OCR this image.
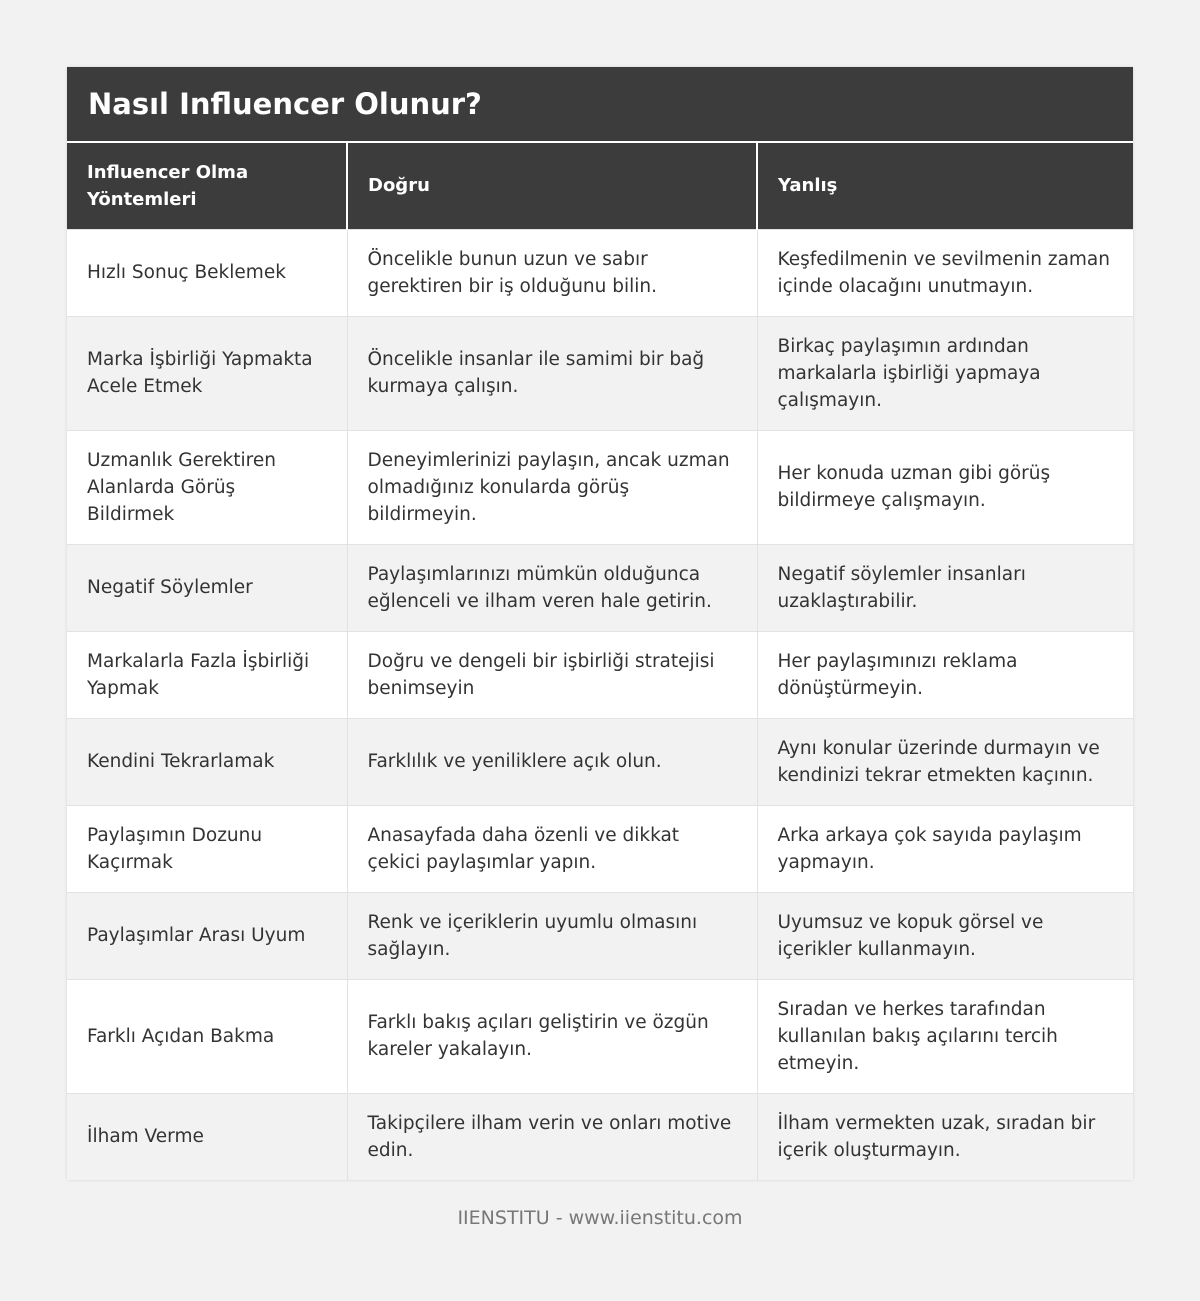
Nasıl Influencer Olunur?
Influencer Olma Yöntemleri	Doğru	Yanlış
Hızlı Sonuç Beklemek	Öncelikle bunun uzun ve sabır gerektiren bir iş olduğunu bilin.	Keşfedilmenin ve sevilmenin zaman içinde olacağını unutmayın.
Marka İşbirliği Yapmakta Acele Etmek	Öncelikle insanlar ile samimi bir bağ kurmaya çalışın.	Birkaç paylaşımın ardından markalarla işbirliği yapmaya çalışmayın.
Uzmanlık Gerektiren Alanlarda Görüş Bildirmek	Deneyimlerinizi paylaşın, ancak uzman olmadığınız konularda görüş bildirmeyin.	Her konuda uzman gibi görüş bildirmeye çalışmayın.
Negatif Söylemler	Paylaşımlarınızı mümkün olduğunca eğlenceli ve ilham veren hale getirin.	Negatif söylemler insanları uzaklaştırabilir.
Markalarla Fazla İşbirliği Yapmak	Doğru ve dengeli bir işbirliği stratejisi benimseyin	Her paylaşımınızı reklama dönüştürmeyin.
Kendini Tekrarlamak	Farklılık ve yeniliklere açık olun.	Aynı konular üzerinde durmayın ve kendinizi tekrar etmekten kaçının.
Paylaşımın Dozunu Kaçırmak	Anasayfada daha özenli ve dikkat çekici paylaşımlar yapın.	Arka arkaya çok sayıda paylaşım yapmayın.
Paylaşımlar Arası Uyum	Renk ve içeriklerin uyumlu olmasını sağlayın.	Uyumsuz ve kopuk görsel ve içerikler kullanmayın.
Farklı Açıdan Bakma	Farklı bakış açıları geliştirin ve özgün kareler yakalayın.	Sıradan ve herkes tarafından kullanılan bakış açılarını tercih etmeyin.
İlham Verme	Takipçilere ilham verin ve onları motive edin.	İlham vermekten uzak, sıradan bir içerik oluşturmayın.
IIENSTITU - www.iienstitu.com
